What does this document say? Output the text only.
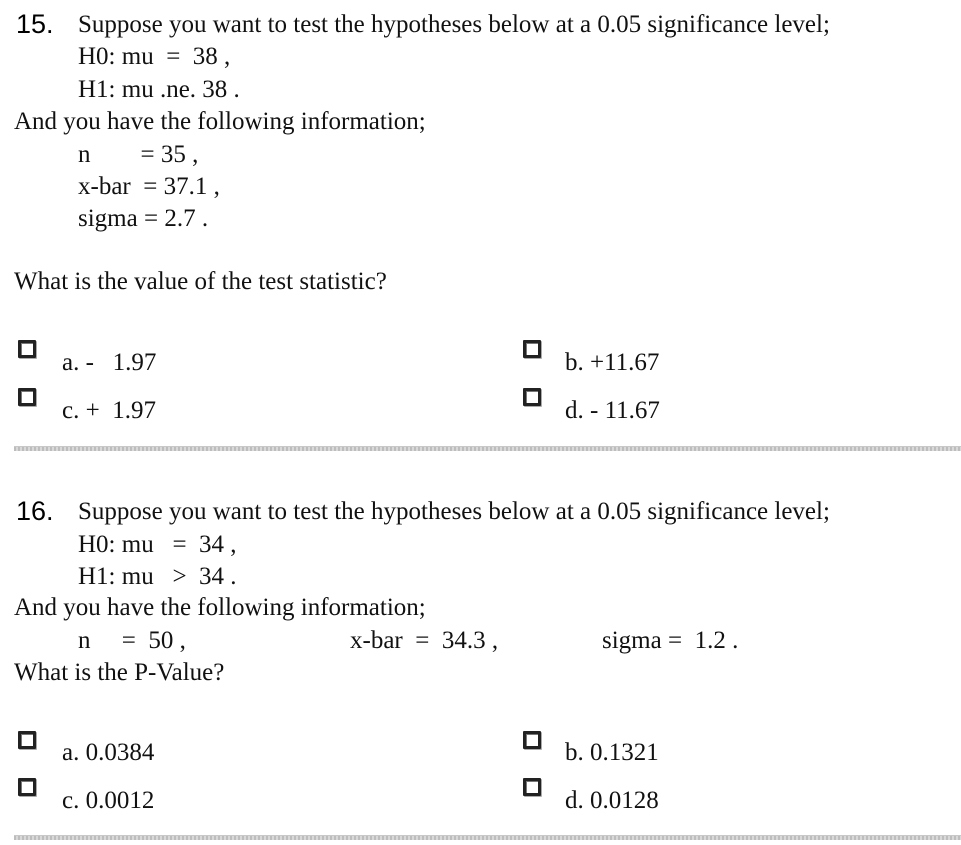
15. Suppose you want to test the hypotheses below at a 0.05 significance level;
H0: mu  =  38 ,
H1: mu .ne. 38 .
And you have the following information;
n        = 35 ,
x-bar  = 37.1 ,
sigma = 2.7 .
What is the value of the test statistic?
a. -   1.97	b. +11.67
c. +  1.97	d. - 11.67
16. Suppose you want to test the hypotheses below at a 0.05 significance level;
H0: mu   =  34 ,
H1: mu   >  34 .
And you have the following information;
n     =  50 ,	x-bar  =  34.3 ,	sigma =  1.2 .
What is the P-Value?
a. 0.0384	b. 0.1321
c. 0.0012	d. 0.0128
